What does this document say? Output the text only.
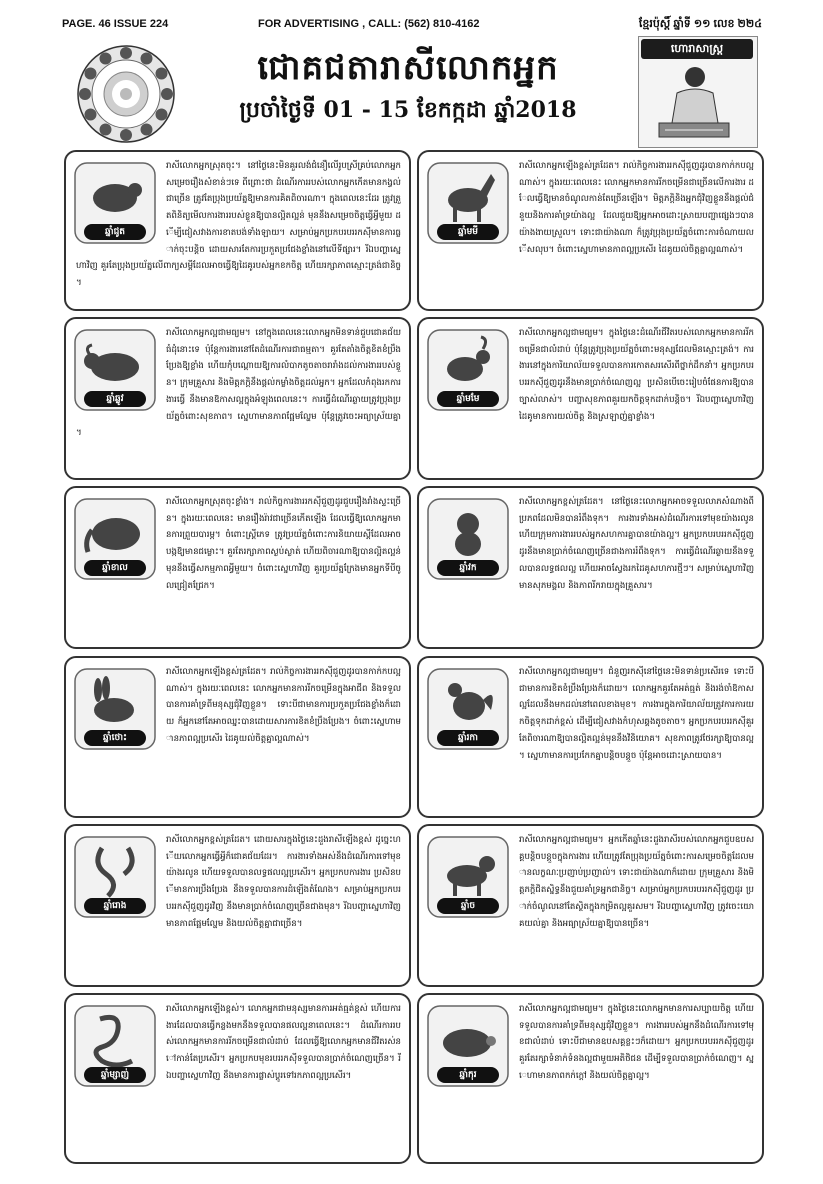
PAGE. 46 ISSUE 224	FOR ADVERTISING , CALL: (562) 810-4162	ខ្មែរប៉ុស្តិ៍ ឆ្នាំទី ១១ លេខ ២២៤
ជោគជតារាសីលោកអ្នក
ប្រចាំថ្ងៃទី 01 - 15 ខែកក្កដា ឆ្នាំ2018
ហោរាសាស្ត្រ
ឆ្នាំជូត
រាសីលោកអ្នកស្រុតចុះ។ នៅថ្ងៃនេះមិនគួរលង់ជំនឿលើរូបស្រីគ្រប់លោកអ្នកសម្រេចរឿងសំខាន់ៗទេ ពីព្រោះថា ដំណើរការរបស់លោកអ្នកកើតមានកង្វល់ជាច្រើន ត្រូវតែប្រុងប្រយ័ត្នឱ្យមានការគិតពិចារណា។ ក្នុងពេលនេះដែរ ត្រូវត្រួតពិនិត្យមើលការងាររបស់ខ្លួនឱ្យបានល្អិតល្អន់ មុននឹងសម្រេចចិត្តធ្វើអ្វីមួយ ដើម្បីជៀសវាងការខាតបង់ទាំងឡាយ។ សម្រាប់អ្នកប្រកបរបររកស៊ីមានការធ្លាក់ចុះបន្តិច ដោយសារតែការប្រកួតប្រជែងខ្លាំងនៅលើទីផ្សារ។ រីឯបញ្ហាស្នេហាវិញ គួរតែប្រុងប្រយ័ត្នលើពាក្យសម្ដីដែលអាចធ្វើឱ្យដៃគូរបស់អ្នកខកចិត្ត ហើយរក្សាភាពស្មោះត្រង់ជានិច្ច។
ឆ្នាំមមី
រាសីលោកអ្នកឡើងខ្ពស់ត្រដែត។ រាល់កិច្ចការងាររកស៊ីជួញដូរបានកាក់កបល្អណាស់។ ក្នុងរយៈពេលនេះ លោកអ្នកមានការរីកចម្រើនជាច្រើនលើការងារ ដែលធ្វើឱ្យមានចំណូលកាន់តែច្រើនឡើង។ មិត្តភក្តិនិងអ្នកជុំវិញខ្លួននឹងផ្តល់ជំនួយនិងការគាំទ្រយ៉ាងល្អ ដែលជួយឱ្យអ្នកអាចដោះស្រាយបញ្ហាផ្សេងៗបានយ៉ាងងាយស្រួល។ ទោះជាយ៉ាងណា ក៏ត្រូវប្រុងប្រយ័ត្នចំពោះការចំណាយលើសលុប។ ចំពោះស្នេហាមានភាពល្អប្រសើរ ដៃគូយល់ចិត្តគ្នាល្អណាស់។
ឆ្នាំឆ្លូវ
រាសីលោកអ្នកល្អជាមធ្យម។ នៅក្នុងពេលនេះលោកអ្នកមិនទាន់ជួបជោគជ័យធំដុំនោះទេ ប៉ុន្តែការងារនៅតែដំណើរការជាធម្មតា។ គួរតែតាំងចិត្តខិតខំប្រឹងប្រែងឱ្យខ្លាំង ហើយកុំបណ្តោយឱ្យការលំបាកតូចតាចរារាំងដល់ការងាររបស់ខ្លួន។ ក្រុមគ្រួសារ និងមិត្តភក្តិនឹងផ្តល់កម្លាំងចិត្តដល់អ្នក។ អ្នកដែលកំពុងរកការងារធ្វើ នឹងមានឱកាសល្អក្នុងអំឡុងពេលនេះ។ ការធ្វើដំណើរឆ្ងាយត្រូវប្រុងប្រយ័ត្នចំពោះសុខភាព។ ស្នេហាមានភាពផ្អែមល្ហែម ប៉ុន្តែត្រូវចេះអធ្យាស្រ័យគ្នា។
ឆ្នាំមមែ
រាសីលោកអ្នកល្អជាមធ្យម។ ក្នុងថ្ងៃនេះដំណើរជីវិតរបស់លោកអ្នកមានការរីកចម្រើនជាលំដាប់ ប៉ុន្តែត្រូវប្រុងប្រយ័ត្នចំពោះមនុស្សដែលមិនស្មោះត្រង់។ ការងារនៅក្នុងការិយាល័យទទួលបានការកោតសរសើរពីថ្នាក់ដឹកនាំ។ អ្នកប្រកបរបររកស៊ីជួញដូរនឹងមានប្រាក់ចំណេញល្អ ប្រសិនបើចេះរៀបចំផែនការឱ្យបានច្បាស់លាស់។ បញ្ហាសុខភាពគួរយកចិត្តទុកដាក់បន្តិច។ រីឯបញ្ហាស្នេហាវិញ ដៃគូមានការយល់ចិត្ត និងស្រឡាញ់គ្នាខ្លាំង។
ឆ្នាំខាល
រាសីលោកអ្នកស្រុតចុះខ្លាំង។ រាល់កិច្ចការងាររកស៊ីជួញដូរជួបរឿងរាំងស្ទះច្រើន។ ក្នុងរយៈពេលនេះ មានរឿងរ៉ាវជាច្រើនកើតឡើង ដែលធ្វើឱ្យលោកអ្នកមានការព្រួយបារម្ភ។ ចំពោះស្ត្រីភេទ ត្រូវប្រយ័ត្នចំពោះការនិយាយស្តីដែលអាចបង្កឱ្យមានជម្លោះ។ គួរតែរក្សាភាពស្ងប់ស្ងាត់ ហើយពិចារណាឱ្យបានល្អិតល្អន់មុននឹងធ្វើសកម្មភាពអ្វីមួយ។ ចំពោះស្នេហាវិញ គួរប្រយ័ត្នក្រែងមានអ្នកទីបីចូលជ្រៀតជ្រែក។
ឆ្នាំវក
រាសីលោកអ្នកខ្ពស់ត្រដែត។ នៅថ្ងៃនេះលោកអ្នកអាចទទួលលាភសំណាងពីប្រភពដែលមិនបានរំពឹងទុក។ ការងារទាំងអស់ដំណើរការទៅមុខយ៉ាងរលូន ហើយក្រុមការងាររបស់អ្នកសហការគ្នាបានយ៉ាងល្អ។ អ្នកប្រកបរបររកស៊ីជួញដូរនឹងមានប្រាក់ចំណេញច្រើនជាងការរំពឹងទុក។ ការធ្វើដំណើរឆ្ងាយនឹងទទួលបានលទ្ធផលល្អ ហើយអាចស្វែងរកដៃគូសហការថ្មីៗ។ សម្រាប់ស្នេហាវិញ មានសុភមង្គល និងភាពរីករាយក្នុងគ្រួសារ។
ឆ្នាំថោះ
រាសីលោកអ្នកឡើងខ្ពស់ត្រដែត។ រាល់កិច្ចការងាររកស៊ីជួញដូរបានកាក់កបល្អណាស់។ ក្នុងរយៈពេលនេះ លោកអ្នកមានការរីកចម្រើនក្នុងអាជីព និងទទួលបានការគាំទ្រពីមនុស្សជុំវិញខ្លួន។ ទោះបីជាមានការប្រកួតប្រជែងខ្លាំងក៏ដោយ ក៏អ្នកនៅតែអាចឈ្នះបានដោយសារការខិតខំប្រឹងប្រែង។ ចំពោះស្នេហាមានភាពល្អប្រសើរ ដៃគូយល់ចិត្តគ្នាល្អណាស់។	ឆ្នាំរកា
រាសីលោកអ្នកល្អជាមធ្យម។ ជំនួញរកស៊ីនៅថ្ងៃនេះមិនទាន់ប្រសើរទេ ទោះបីជាមានការខិតខំប្រឹងប្រែងក៏ដោយ។ លោកអ្នកគួរតែអត់ធ្មត់ និងរង់ចាំឱកាសល្អដែលនឹងមកដល់នៅពេលខាងមុខ។ ការងារក្នុងការិយាល័យត្រូវការការយកចិត្តទុកដាក់ខ្ពស់ ដើម្បីជៀសវាងកំហុសឆ្គងតូចតាច។ អ្នកប្រកបរបររកស៊ីគួរតែពិចារណាឱ្យបានល្អិតល្អន់មុននឹងវិនិយោគ។ សុខភាពត្រូវថែរក្សាឱ្យបានល្អ។ ស្នេហាមានការប្រកែកគ្នាបន្តិចបន្តួច ប៉ុន្តែអាចដោះស្រាយបាន។
ឆ្នាំរោង
រាសីលោកអ្នកខ្ពស់ត្រដែត។ ដោយសារក្នុងថ្ងៃនេះដួងរាសីឡើងខ្ពស់ ដូច្នេះហើយលោកអ្នកធ្វើអ្វីក៏ជោគជ័យដែរ។ ការងារទាំងអស់នឹងដំណើរការទៅមុខយ៉ាងរលូន ហើយទទួលបានលទ្ធផលល្អប្រសើរ។ អ្នកប្រកបការងារ ប្រសិនបើមានការប្រឹងប្រែង នឹងទទួលបានការដំឡើងតំណែង។ សម្រាប់អ្នកប្រកបរបររកស៊ីជួញដូរវិញ នឹងមានប្រាក់ចំណេញច្រើនជាងមុន។ រីឯបញ្ហាស្នេហាវិញ មានភាពផ្អែមល្ហែម និងយល់ចិត្តគ្នាជាច្រើន។
ឆ្នាំច
រាសីលោកអ្នកល្អជាមធ្យម។ អ្នកកើតឆ្នាំនេះដួងរាសីរបស់លោកអ្នកជួបឧបសគ្គបន្តិចបន្តួចក្នុងការងារ ហើយត្រូវតែប្រុងប្រយ័ត្នចំពោះការសម្រេចចិត្តដែលមានលក្ខណៈប្រញាប់ប្រញាល់។ ទោះជាយ៉ាងណាក៏ដោយ ក្រុមគ្រួសារ និងមិត្តភក្តិជិតស្និទ្ធនឹងជួយគាំទ្រអ្នកជានិច្ច។ សម្រាប់អ្នកប្រកបរបររកស៊ីជួញដូរ ប្រាក់ចំណូលនៅតែស្ថិតក្នុងកម្រិតល្អគួរសម។ រីឯបញ្ហាស្នេហាវិញ ត្រូវចេះយោគយល់គ្នា និងអធ្យាស្រ័យគ្នាឱ្យបានច្រើន។
ឆ្នាំម្សាញ់
រាសីលោកអ្នកឡើងខ្ពស់។ លោកអ្នកជាមនុស្សមានការអត់ធ្មត់ខ្ពស់ ហើយការងារដែលបានធ្វើកន្លងមកនឹងទទួលបានផលល្អនាពេលនេះ។ ដំណើរការរបស់លោកអ្នកមានការរីកចម្រើនជាលំដាប់ ដែលធ្វើឱ្យលោកអ្នកមានជីវិតរស់នៅកាន់តែប្រសើរ។ អ្នកប្រកបមុខរបររកស៊ីទទួលបានប្រាក់ចំណេញច្រើន។ រីឯបញ្ហាស្នេហាវិញ នឹងមានការផ្លាស់ប្តូរទៅរកភាពល្អប្រសើរ។	ឆ្នាំកុរ
រាសីលោកអ្នកល្អជាមធ្យម។ ក្នុងថ្ងៃនេះលោកអ្នកមានការសប្បាយចិត្ត ហើយទទួលបានការគាំទ្រពីមនុស្សជុំវិញខ្លួន។ ការងាររបស់អ្នកនឹងដំណើរការទៅមុខជាលំដាប់ ទោះបីជាមានឧបសគ្គខ្លះៗក៏ដោយ។ អ្នកប្រកបរបររកស៊ីជួញដូរគួរតែរក្សាទំនាក់ទំនងល្អជាមួយអតិថិជន ដើម្បីទទួលបានប្រាក់ចំណេញ។ ស្នេហាមានភាពកក់ក្ដៅ និងយល់ចិត្តគ្នាល្អ។
